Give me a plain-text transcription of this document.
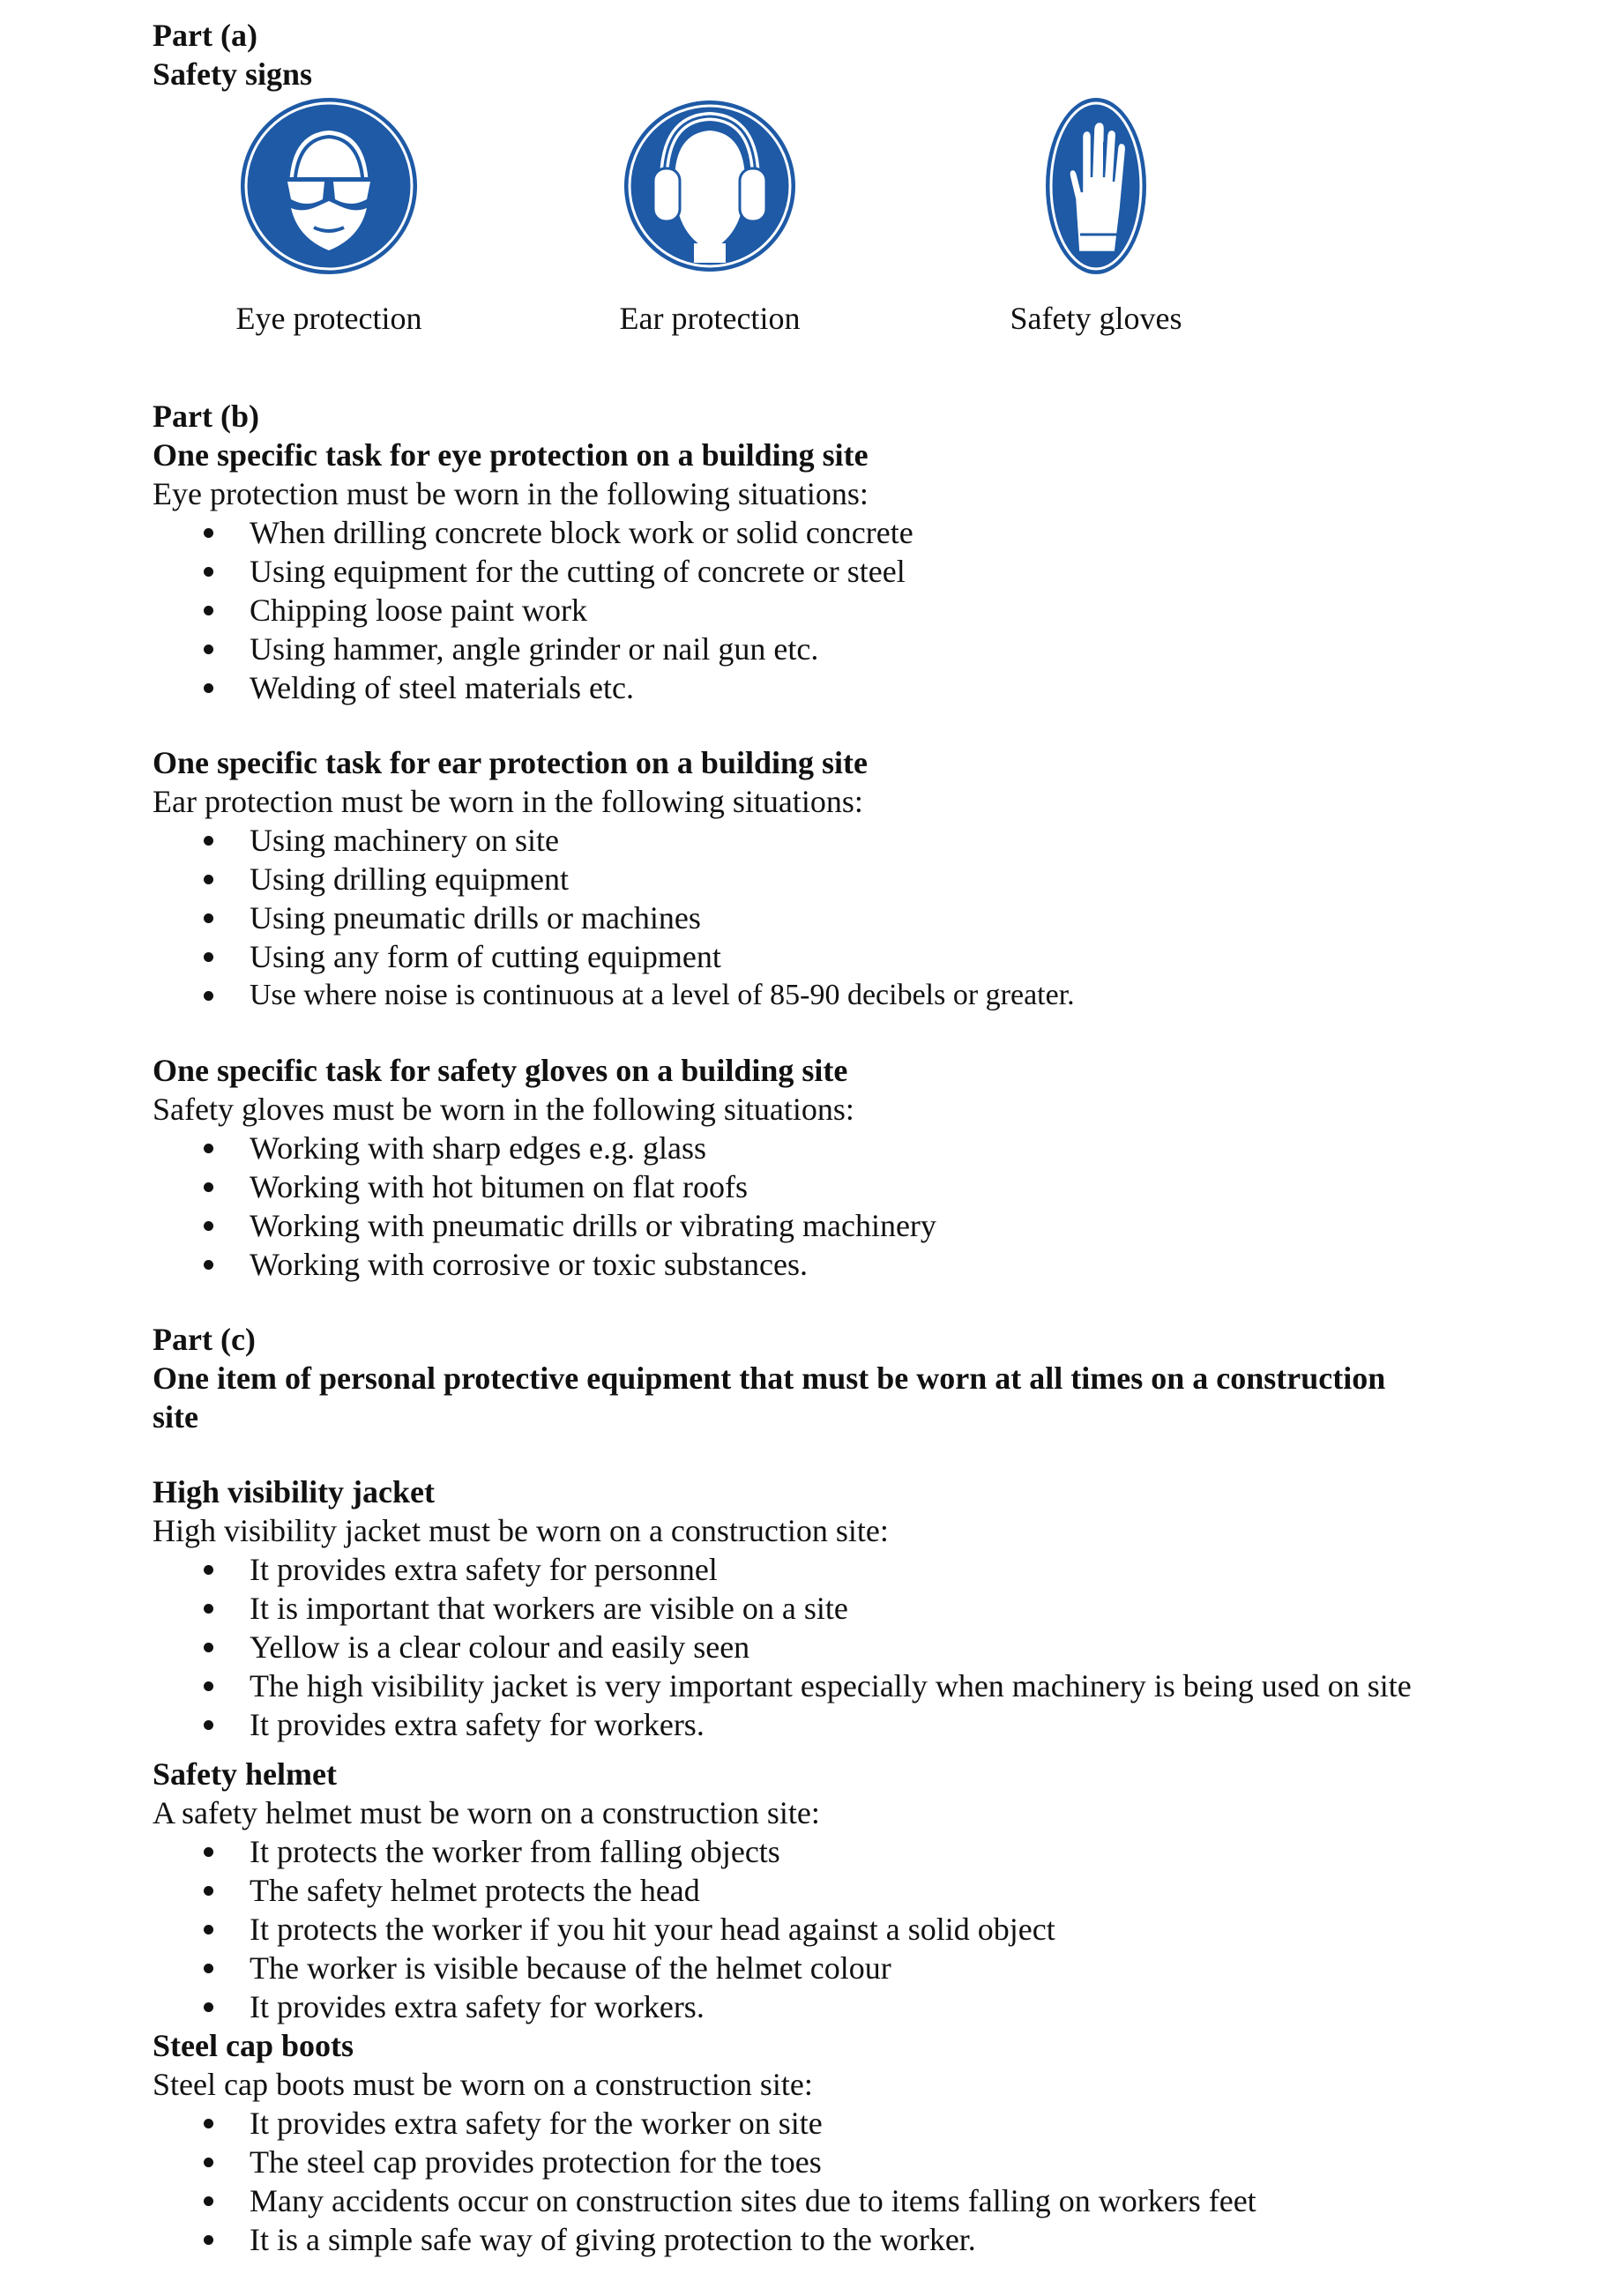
Part (a)

Safety signs

Eye protection	Ear protection	Safety gloves

Part (b)

One specific task for eye protection on a building site

Eye protection must be worn in the following situations:

When drilling concrete block work or solid concrete
Using equipment for the cutting of concrete or steel
Chipping loose paint work
Using hammer, angle grinder or nail gun etc.
Welding of steel materials etc.

One specific task for ear protection on a building site

Ear protection must be worn in the following situations:

Using machinery on site
Using drilling equipment
Using pneumatic drills or machines
Using any form of cutting equipment
Use where noise is continuous at a level of 85-90 decibels or greater.

One specific task for safety gloves on a building site

Safety gloves must be worn in the following situations:

Working with sharp edges e.g. glass
Working with hot bitumen on flat roofs
Working with pneumatic drills or vibrating machinery
Working with corrosive or toxic substances.

Part (c)

One item of personal protective equipment that must be worn at all times on a construction site

High visibility jacket

High visibility jacket must be worn on a construction site:

It provides extra safety for personnel
It is important that workers are visible on a site
Yellow is a clear colour and easily seen
The high visibility jacket is very important especially when machinery is being used on site
It provides extra safety for workers.

Safety helmet

A safety helmet must be worn on a construction site:

It protects the worker from falling objects
The safety helmet protects the head
It protects the worker if you hit your head against a solid object
The worker is visible because of the helmet colour
It provides extra safety for workers.

Steel cap boots

Steel cap boots must be worn on a construction site:

It provides extra safety for the worker on site
The steel cap provides protection for the toes
Many accidents occur on construction sites due to items falling on workers feet
It is a simple safe way of giving protection to the worker.
